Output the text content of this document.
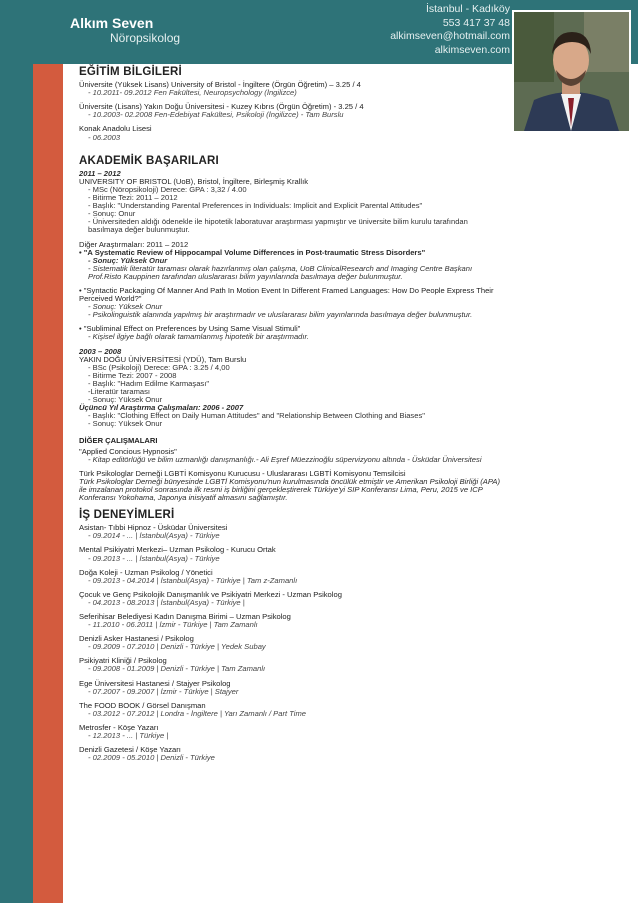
Alkım Seven
Nöropsikolog
İstanbul - Kadıköy
553 417 37 48
alkimseven@hotmail.com
alkimseven.com
EĞİTİM BİLGİLERİ
Üniversite (Yüksek Lisans) University of Bristol - İngiltere (Örgün Öğretim) – 3.25 / 4
- 10.2011- 09.2012 Fen Fakültesi, Neuropsychology (İngilizce)
Üniversite (Lisans) Yakın Doğu Üniversitesi - Kuzey Kıbrıs (Örgün Öğretim) - 3.25 / 4
- 10.2003- 02.2008 Fen-Edebiyat Fakültesi, Psikoloji (İngilizce) - Tam Burslu
Konak Anadolu Lisesi
- 06.2003
AKADEMİK BAŞARILARI
2011 – 2012
UNIVERSITY OF BRISTOL (UoB), Bristol, İngiltere, Birleşmiş Krallık
- MSc (Nöropsikoloji) Derece: GPA : 3,32 / 4.00
- Bitirme Tezi: 2011 – 2012
- Başlık: "Understanding Parental Preferences in Individuals: Implicit and Explicit Parental Attitudes"
- Sonuç: Onur
- Üniversiteden aldığı ödenekle ile hipotetik laboratuvar araştırması yapmıştır ve üniversite bilim kurulu tarafından basılmaya değer bulunmuştur.
Diğer Araştırmaları: 2011 – 2012
• "A Systematic Review of Hippocampal Volume Differences in Post-traumatic Stress Disorders"
- Sonuç: Yüksek Onur
- Sistematik literatür taraması olarak hazırlanmış olan çalışma, UoB ClinicalResearch and Imaging Centre Başkanı Prof.Risto Kauppinen tarafından uluslararası bilim yayınlarında basılmaya değer bulunmuştur.
• "Syntactic Packaging Of Manner And Path In Motion Event In Different Framed Languages: How Do People Express Their Perceived World?"
- Sonuç: Yüksek Onur
- Psikolinguistik alanında yapılmış bir araştırmadır ve uluslararası bilim yayınlarında basılmaya değer bulunmuştur.
• "Subliminal Effect on Preferences by Using Same Visual Stimuli"
- Kişisel ilgiye bağlı olarak tamamlanmış hipotetik bir araştırmadır.
2003 – 2008
YAKIN DOĞU ÜNİVERSİTESİ (YDÜ), Tam Burslu
- BSc (Psikoloji) Derece: GPA : 3.25 / 4,00
- Bitirme Tezi: 2007 - 2008
- Başlık: "Hadım Edilme Karmaşası"
-Literatür taraması
- Sonuç: Yüksek Onur
Üçüncü Yıl Araştırma Çalışmaları: 2006 - 2007
- Başlık: "Clothing Effect on Daily Human Attitudes" and "Relationship Between Clothing and Biases"
- Sonuç: Yüksek Onur
DİĞER ÇALIŞMALARI
"Applied Concious Hypnosis"
- Kitap editörlüğü ve bilim uzmanlığı danışmanlığı.- Ali Eşref Müezzinoğlu süpervizyonu altında - Üsküdar Üniversitesi
Türk Psikologlar Derneği LGBTİ Komisyonu Kurucusu - Uluslararası LGBTİ Komisyonu Temsilcisi
Türk Psikologlar Derneği bünyesinde LGBTİ Komisyonu'nun kurulmasında öncülük etmiştir ve Amerikan Psikoloji Birliği (APA) ile imzalanan protokol sonrasında ilk resmi iş birliğini gerçekleştirerek Türkiye'yi SIP Konferansı Lima, Peru, 2015 ve ICP Konferansı Yokohama, Japonya inisiyatif almasını sağlamıştır.
İŞ DENEYİMLERİ
Asistan- Tıbbi Hipnoz - Üsküdar Üniversitesi
- 09.2014 - ... | İstanbul(Asya) - Türkiye
Mental Psikiyatri Merkezi– Uzman Psikolog - Kurucu Ortak
- 09.2013 - ... | İstanbul(Asya) - Türkiye
Doğa Koleji - Uzman Psikolog / Yönetici
- 09.2013 - 04.2014 | İstanbul(Asya) - Türkiye | Tam z-Zamanlı
Çocuk ve Genç Psikolojik Danışmanlık ve Psikiyatri Merkezi - Uzman Psikolog
- 04.2013 - 08.2013 | İstanbul(Asya) - Türkiye |
Seferihisar Belediyesi Kadın Danışma Birimi – Uzman Psikolog
- 11.2010 - 06.2011 | İzmir - Türkiye | Tam Zamanlı
Denizli Asker Hastanesi / Psikolog
- 09.2009 - 07.2010 | Denizli - Türkiye | Yedek Subay
Psikiyatri Kliniği / Psikolog
- 09.2008 - 01.2009 | Denizli - Türkiye | Tam Zamanlı
Ege Üniversitesi Hastanesi / Stajyer Psikolog
- 07.2007 - 09.2007 | İzmir - Türkiye | Stajyer
The FOOD BOOK / Görsel Danışman
- 03.2012 - 07.2012 | Londra - İngiltere | Yarı Zamanlı / Part Time
Metrosfer - Köşe Yazarı
- 12.2013 - ... | Türkiye |
Denizli Gazetesi / Köşe Yazarı
- 02.2009 - 05.2010 | Denizli - Türkiye
